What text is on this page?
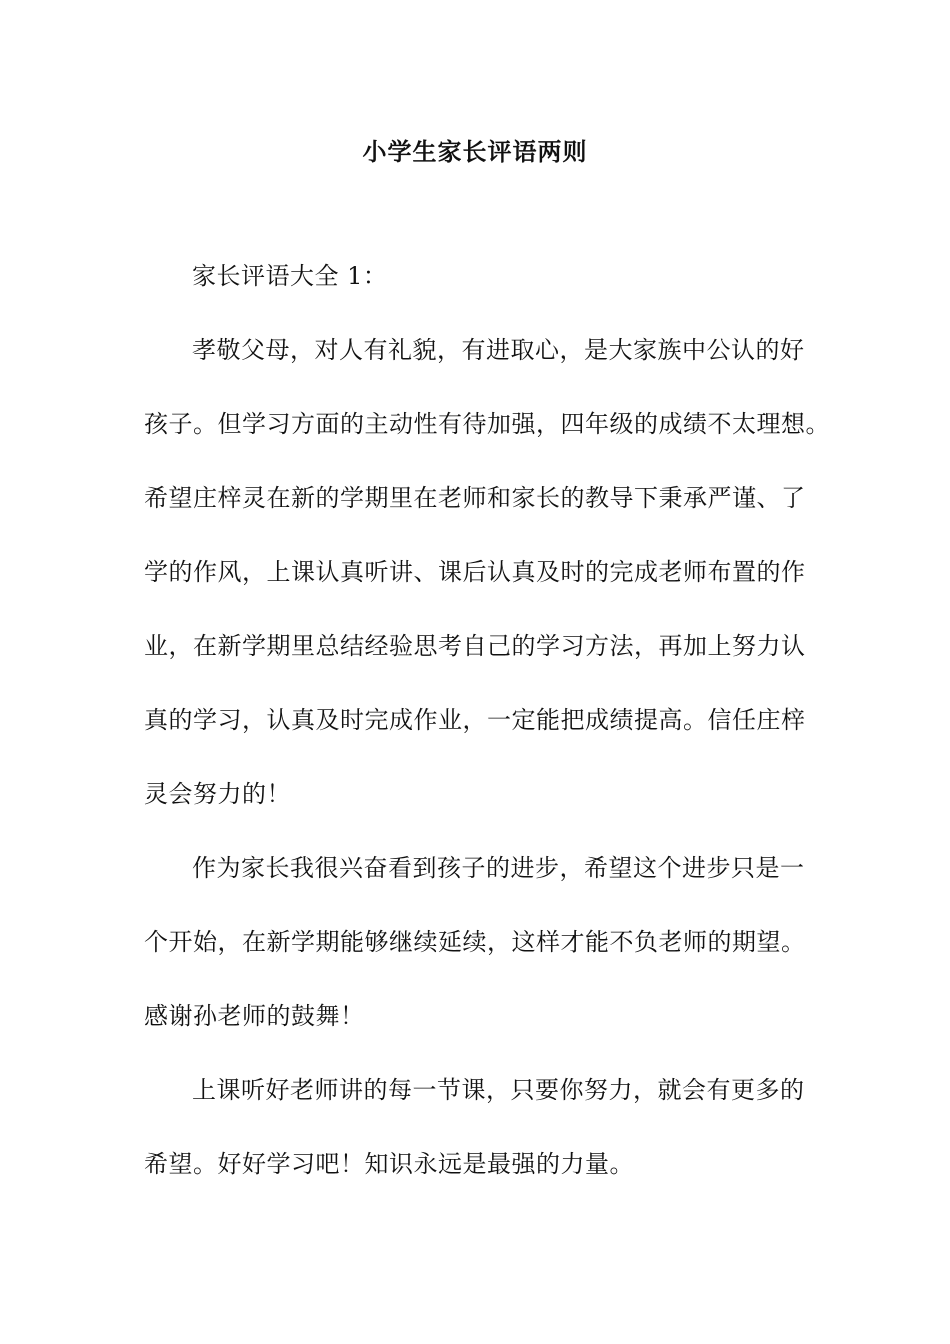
小学生家长评语两则
家长评语大全 1：
孝敬父母，对人有礼貌，有进取心，是大家族中公认的好
孩子。但学习方面的主动性有待加强，四年级的成绩不太理想。
希望庄梓灵在新的学期里在老师和家长的教导下秉承严谨、了
学的作风，上课认真听讲、课后认真及时的完成老师布置的作
业，在新学期里总结经验思考自己的学习方法，再加上努力认
真的学习，认真及时完成作业，一定能把成绩提高。信任庄梓
灵会努力的！
作为家长我很兴奋看到孩子的进步，希望这个进步只是一
个开始，在新学期能够继续延续，这样才能不负老师的期望。
感谢孙老师的鼓舞！
上课听好老师讲的每一节课，只要你努力，就会有更多的
希望。好好学习吧！知识永远是最强的力量。
